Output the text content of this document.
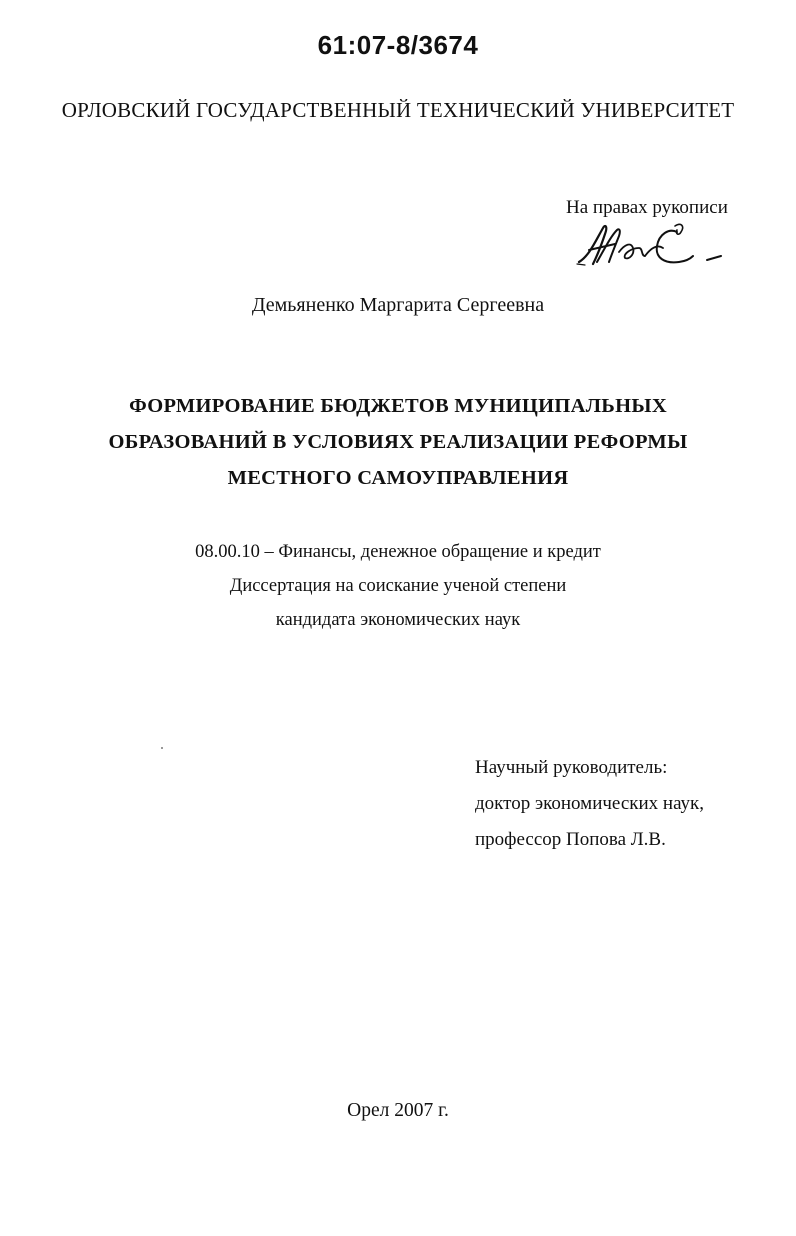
61:07-8/3674
ОРЛОВСКИЙ ГОСУДАРСТВЕННЫЙ ТЕХНИЧЕСКИЙ УНИВЕРСИТЕТ
На правах рукописи
Демьяненко Маргарита Сергеевна
ФОРМИРОВАНИЕ БЮДЖЕТОВ МУНИЦИПАЛЬНЫХ
ОБРАЗОВАНИЙ В УСЛОВИЯХ РЕАЛИЗАЦИИ РЕФОРМЫ
МЕСТНОГО САМОУПРАВЛЕНИЯ
08.00.10 – Финансы, денежное обращение и кредит
Диссертация на соискание ученой степени
кандидата экономических наук
Научный руководитель:
доктор экономических наук,
профессор Попова Л.В.
Орел 2007 г.
